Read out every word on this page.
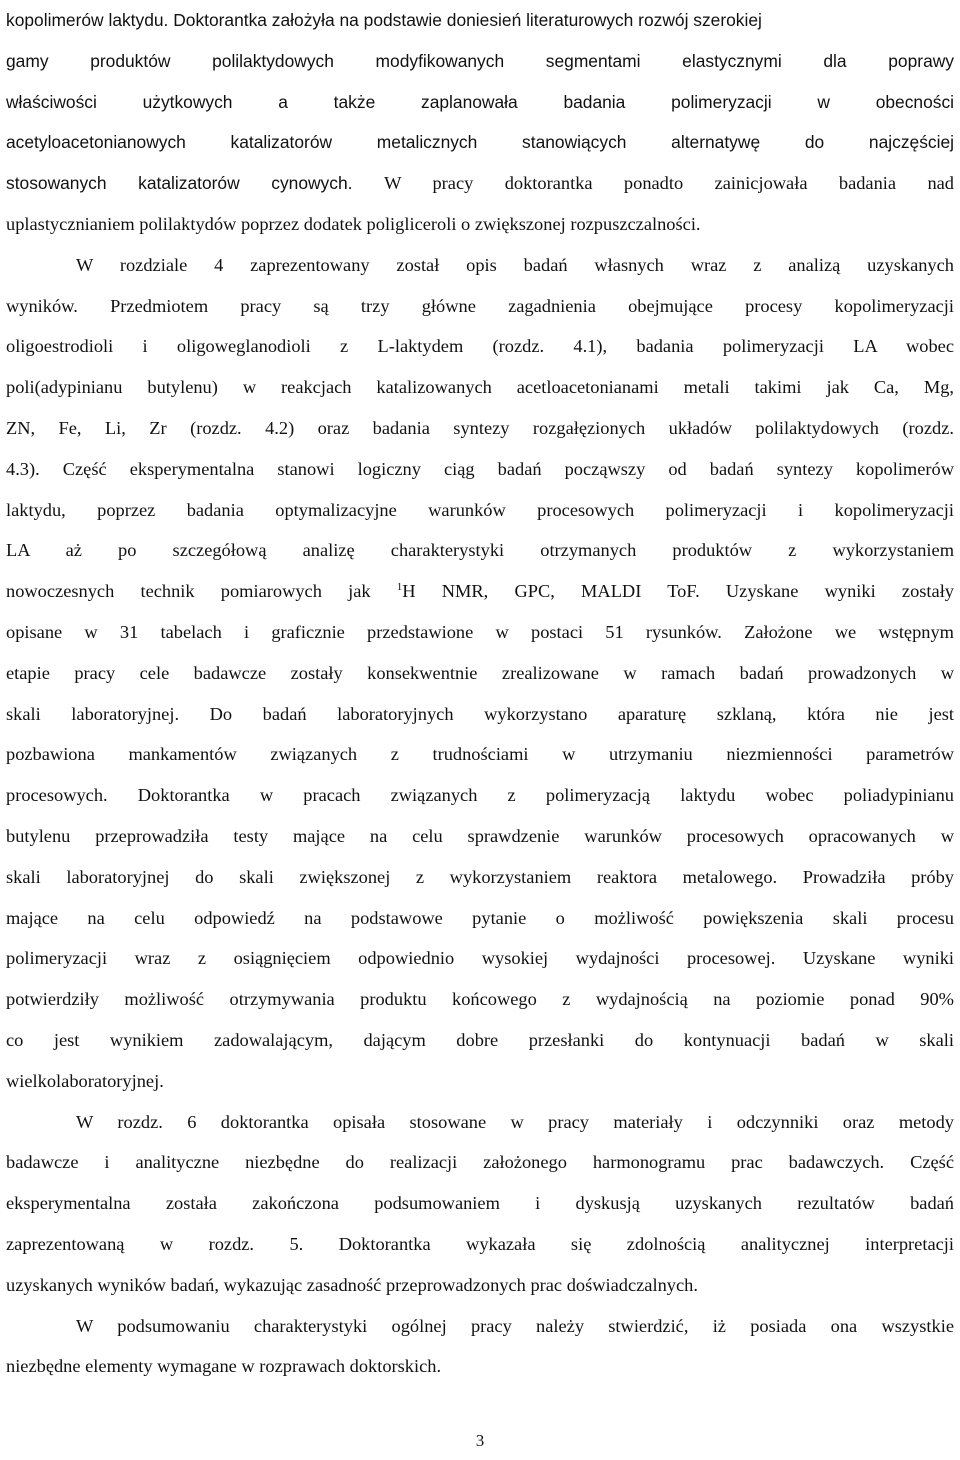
kopolimerów laktydu. Doktorantka założyła na podstawie doniesień literaturowych rozwój szerokiej
gamy produktów polilaktydowych modyfikowanych segmentami elastycznymi dla poprawy
właściwości użytkowych a także zaplanowała badania polimeryzacji w obecności
acetyloacetonianowych katalizatorów metalicznych stanowiących alternatywę do najczęściej
stosowanych katalizatorów cynowych. W pracy doktorantka ponadto zainicjowała badania nad
uplastycznianiem polilaktydów poprzez dodatek poligliceroli o zwiększonej rozpuszczalności.
W rozdziale 4 zaprezentowany został opis badań własnych wraz z analizą uzyskanych
wyników. Przedmiotem pracy są trzy główne zagadnienia obejmujące procesy kopolimeryzacji
oligoestrodioli i oligoweglanodioli z L-laktydem (rozdz. 4.1), badania polimeryzacji LA wobec
poli(adypinianu butylenu) w reakcjach katalizowanych acetloacetonianami metali takimi jak Ca, Mg,
ZN, Fe, Li, Zr (rozdz. 4.2) oraz badania syntezy rozgałęzionych układów polilaktydowych (rozdz.
4.3). Część eksperymentalna stanowi logiczny ciąg badań począwszy od badań syntezy kopolimerów
laktydu, poprzez badania optymalizacyjne warunków procesowych polimeryzacji i kopolimeryzacji
LA aż po szczegółową analizę charakterystyki otrzymanych produktów z wykorzystaniem
nowoczesnych technik pomiarowych jak $^1$H NMR, GPC, MALDI ToF. Uzyskane wyniki zostały
opisane w 31 tabelach i graficznie przedstawione w postaci 51 rysunków. Założone we wstępnym
etapie pracy cele badawcze zostały konsekwentnie zrealizowane w ramach badań prowadzonych w
skali laboratoryjnej. Do badań laboratoryjnych wykorzystano aparaturę szklaną, która nie jest
pozbawiona mankamentów związanych z trudnościami w utrzymaniu niezmienności parametrów
procesowych. Doktorantka w pracach związanych z polimeryzacją laktydu wobec poliadypinianu
butylenu przeprowadziła testy mające na celu sprawdzenie warunków procesowych opracowanych w
skali laboratoryjnej do skali zwiększonej z wykorzystaniem reaktora metalowego. Prowadziła próby
mające na celu odpowiedź na podstawowe pytanie o możliwość powiększenia skali procesu
polimeryzacji wraz z osiągnięciem odpowiednio wysokiej wydajności procesowej. Uzyskane wyniki
potwierdziły możliwość otrzymywania produktu końcowego z wydajnością na poziomie ponad 90%
co jest wynikiem zadowalającym, dającym dobre przesłanki do kontynuacji badań w skali
wielkolaboratoryjnej.
W rozdz. 6 doktorantka opisała stosowane w pracy materiały i odczynniki oraz metody
badawcze i analityczne niezbędne do realizacji założonego harmonogramu prac badawczych. Część
eksperymentalna została zakończona podsumowaniem i dyskusją uzyskanych rezultatów badań
zaprezentowaną w rozdz. 5. Doktorantka wykazała się zdolnością analitycznej interpretacji
uzyskanych wyników badań, wykazując zasadność przeprowadzonych prac doświadczalnych.
W podsumowaniu charakterystyki ogólnej pracy należy stwierdzić, iż posiada ona wszystkie
niezbędne elementy wymagane w rozprawach doktorskich.
3
